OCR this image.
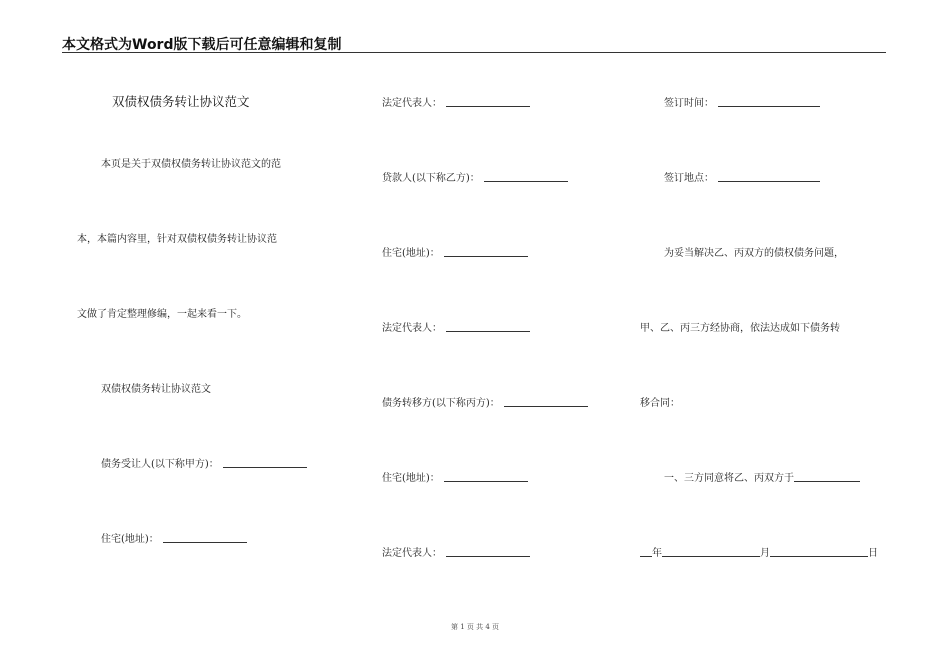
本文格式为Word版下载后可任意编辑和复制
双债权债务转让协议范文
本页是关于双债权债务转让协议范文的范
本，本篇内容里，针对双债权债务转让协议范
文做了肯定整理修编，一起来看一下。
双债权债务转让协议范文
债务受让人(以下称甲方)：
住宅(地址)：
法定代表人：
贷款人(以下称乙方)：
住宅(地址)：
法定代表人：
债务转移方(以下称丙方)：
住宅(地址)：
法定代表人：
签订时间：
签订地点：
为妥当解决乙、丙双方的债权债务问题，
甲、乙、丙三方经协商，依法达成如下债务转
移合同：
一、三方同意将乙、丙双方于
年	月	日
第 1 页 共 4 页
